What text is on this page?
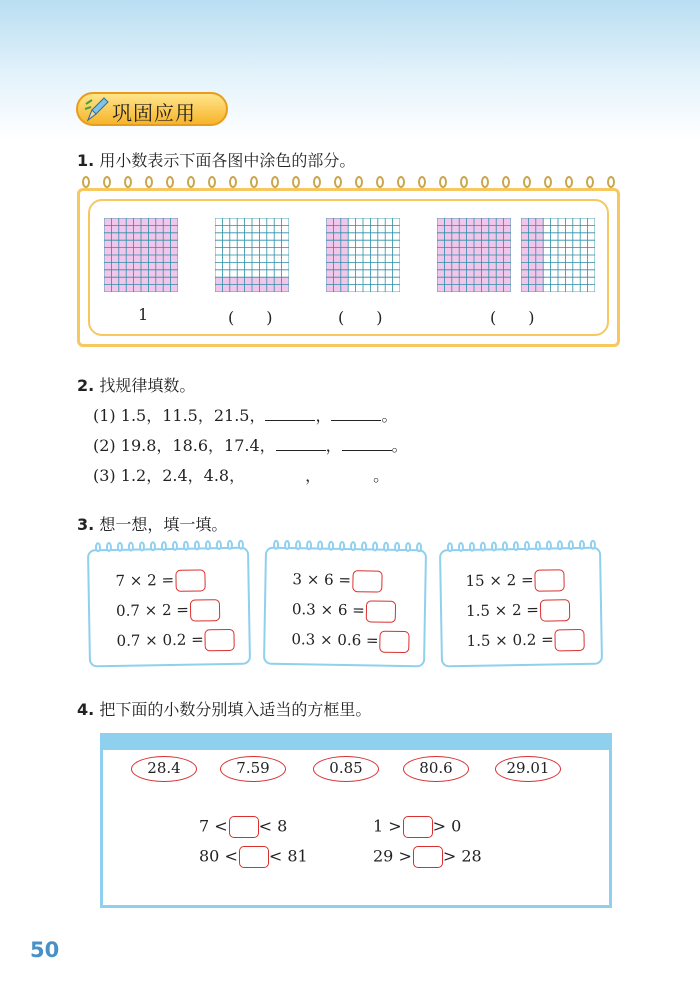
巩固应用
1. 用小数表示下面各图中涂色的部分。
1	(　　)	(　　)	(　　)
2. 找规律填数。
(1) 1.5，11.5，21.5，	，	。
(2) 19.8，18.6，17.4，	，	。
(3) 1.2，2.4，4.8，	，	。
3. 想一想，填一填。
7 × 2 =
0.7 × 2 =
0.7 × 0.2 =
3 × 6 =
0.3 × 6 =
0.3 × 0.6 =
15 × 2 =
1.5 × 2 =
1.5 × 0.2 =
4. 把下面的小数分别填入适当的方框里。
28.4	7.59	0.85	80.6	29.01
7 < < 8	1 > > 0
80 < < 81	29 > > 28
50
